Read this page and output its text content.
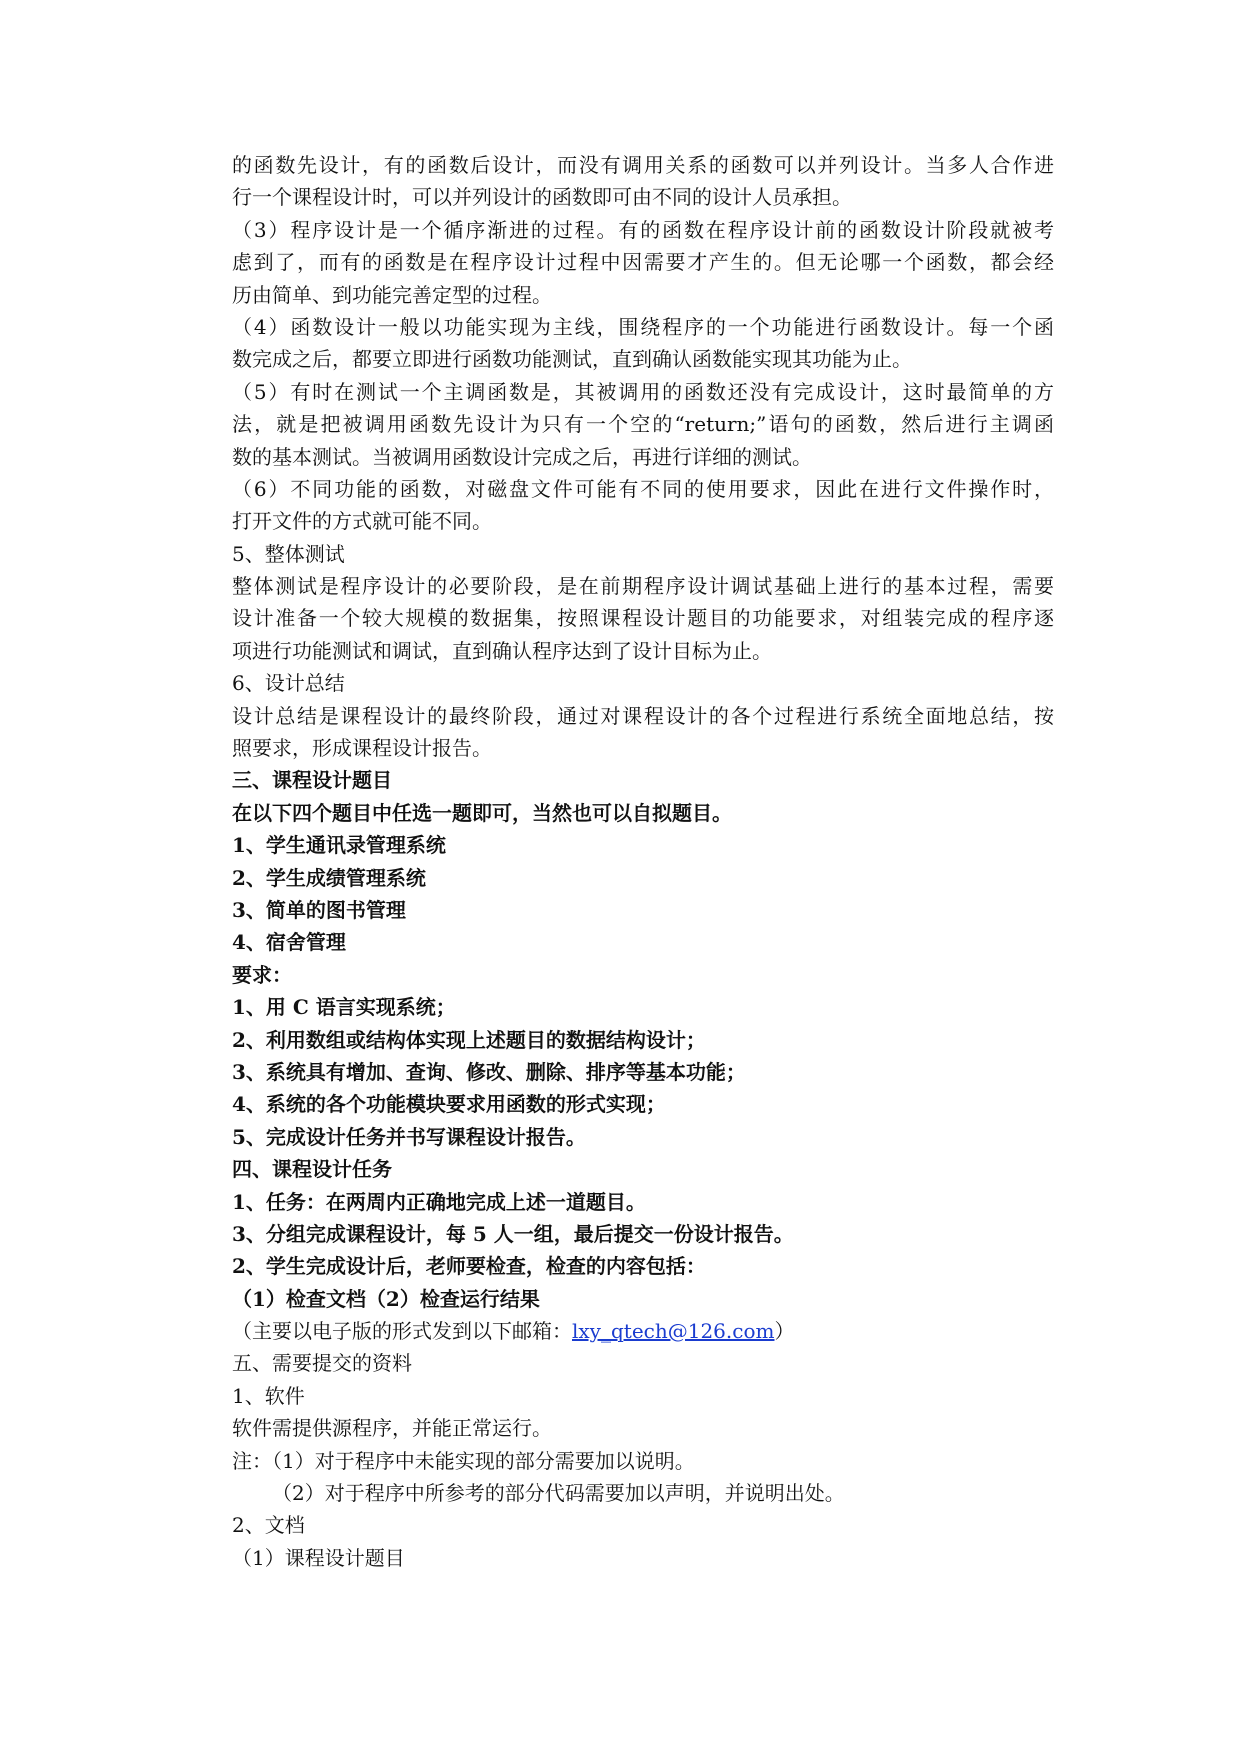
的函数先设计，有的函数后设计，而没有调用关系的函数可以并列设计。当多人合作进
行一个课程设计时，可以并列设计的函数即可由不同的设计人员承担。
（3）程序设计是一个循序渐进的过程。有的函数在程序设计前的函数设计阶段就被考
虑到了，而有的函数是在程序设计过程中因需要才产生的。但无论哪一个函数，都会经
历由简单、到功能完善定型的过程。
（4）函数设计一般以功能实现为主线，围绕程序的一个功能进行函数设计。每一个函
数完成之后，都要立即进行函数功能测试，直到确认函数能实现其功能为止。
（5）有时在测试一个主调函数是，其被调用的函数还没有完成设计，这时最简单的方
法，就是把被调用函数先设计为只有一个空的“return;”语句的函数，然后进行主调函
数的基本测试。当被调用函数设计完成之后，再进行详细的测试。
（6）不同功能的函数，对磁盘文件可能有不同的使用要求，因此在进行文件操作时，
打开文件的方式就可能不同。
5、整体测试
整体测试是程序设计的必要阶段，是在前期程序设计调试基础上进行的基本过程，需要
设计准备一个较大规模的数据集，按照课程设计题目的功能要求，对组装完成的程序逐
项进行功能测试和调试，直到确认程序达到了设计目标为止。
6、设计总结
设计总结是课程设计的最终阶段，通过对课程设计的各个过程进行系统全面地总结，按
照要求，形成课程设计报告。
三、课程设计题目
在以下四个题目中任选一题即可，当然也可以自拟题目。
1、学生通讯录管理系统
2、学生成绩管理系统
3、简单的图书管理
4、宿舍管理
要求：
1、用 C 语言实现系统；
2、利用数组或结构体实现上述题目的数据结构设计；
3、系统具有增加、查询、修改、删除、排序等基本功能；
4、系统的各个功能模块要求用函数的形式实现；
5、完成设计任务并书写课程设计报告。
四、课程设计任务
1、任务：在两周内正确地完成上述一道题目。
3、分组完成课程设计，每 5 人一组，最后提交一份设计报告。
2、学生完成设计后，老师要检查，检查的内容包括：
（1）检查文档（2）检查运行结果
（主要以电子版的形式发到以下邮箱：lxy_qtech@126.com）
五、需要提交的资料
1、软件
软件需提供源程序，并能正常运行。
注：（1）对于程序中未能实现的部分需要加以说明。
（2）对于程序中所参考的部分代码需要加以声明，并说明出处。
2、文档
（1）课程设计题目
